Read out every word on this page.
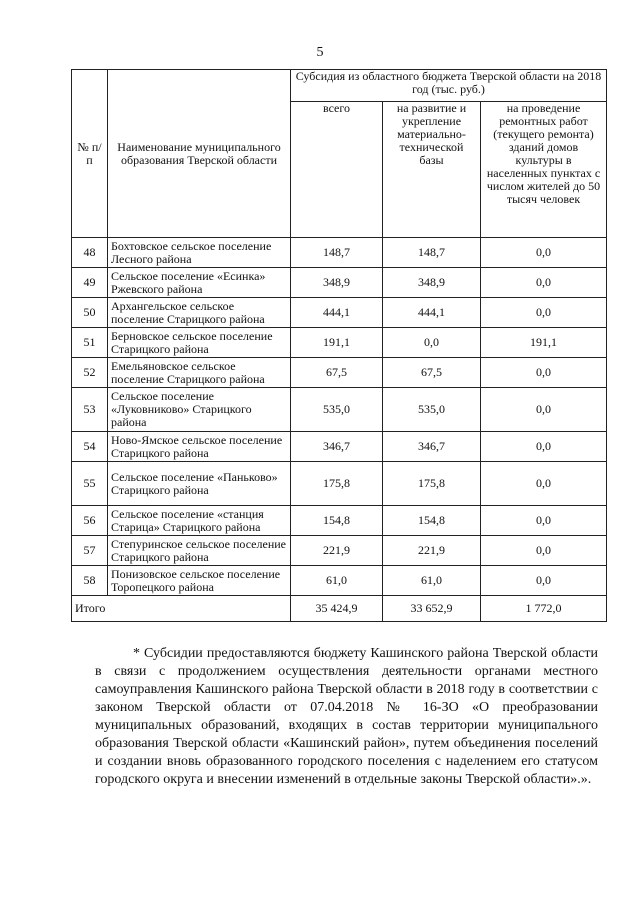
5
№ п/п	Наименование муниципального образования Тверской области	Субсидия из областного бюджета Тверской области на 2018 год (тыс. руб.)		
		всего	на развитие и укрепление материально-технической базы	на проведение ремонтных работ (текущего ремонта) зданий домов культуры в населенных пунктах с числом жителей до 50 тысяч человек
48	Бохтовское сельское поселение Лесного района	148,7	148,7	0,0
49	Сельское поселение «Есинка» Ржевского района	348,9	348,9	0,0
50	Архангельское сельское поселение Старицкого района	444,1	444,1	0,0
51	Берновское сельское поселение Старицкого района	191,1	0,0	191,1
52	Емельяновское сельское поселение Старицкого района	67,5	67,5	0,0
53	Сельское поселение «Луковниково» Старицкого района	535,0	535,0	0,0
54	Ново-Ямское сельское поселение Старицкого района	346,7	346,7	0,0
55	Сельское поселение «Паньково» Старицкого района	175,8	175,8	0,0
56	Сельское поселение «станция Старица» Старицкого района	154,8	154,8	0,0
57	Степуринское сельское поселение Старицкого района	221,9	221,9	0,0
58	Понизовское сельское поселение Торопецкого района	61,0	61,0	0,0
Итого		35 424,9	33 652,9	1 772,0

* Субсидии предоставляются бюджету Кашинского района Тверской области в связи с продолжением осуществления деятельности органами местного самоуправления Кашинского района Тверской области в 2018 году в соответствии с законом Тверской области от 07.04.2018 № 16-ЗО «О преобразовании муниципальных образований, входящих в состав территории муниципального образования Тверской области «Кашинский район», путем объединения поселений и создании вновь образованного городского поселения с наделением его статусом городского округа и внесении изменений в отдельные законы Тверской области».».
